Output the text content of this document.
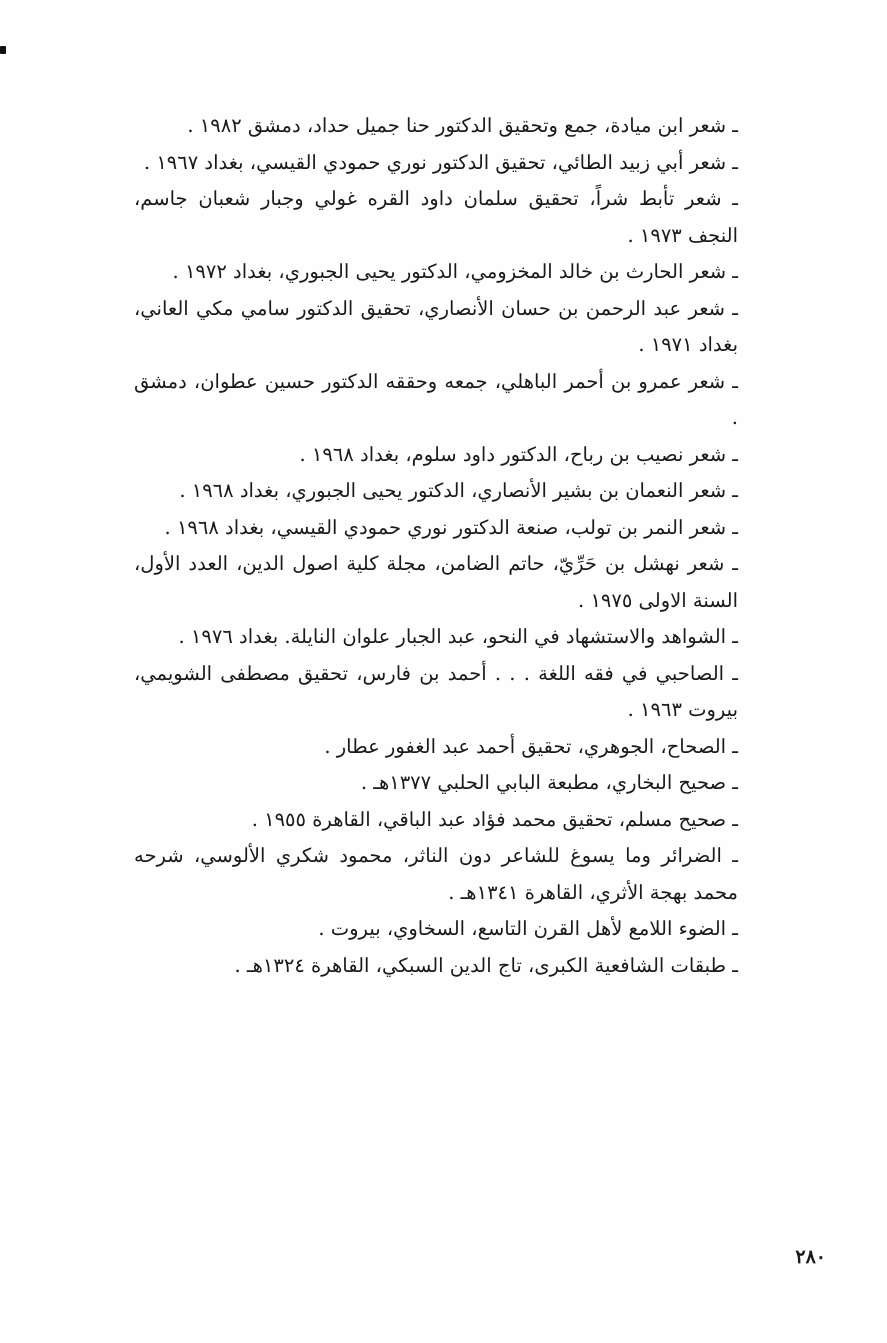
ـ شعر ابن ميادة، جمع وتحقيق الدكتور حنا جميل حداد، دمشق ١٩٨٢ .
ـ شعر أبي زبيد الطائي، تحقيق الدكتور نوري حمودي القيسي، بغداد ١٩٦٧ .
ـ شعر تأبط شراً، تحقيق سلمان داود القره غولي وجبار شعبان جاسم، النجف ١٩٧٣ .
ـ شعر الحارث بن خالد المخزومي، الدكتور يحيى الجبوري، بغداد ١٩٧٢ .
ـ شعر عبد الرحمن بن حسان الأنصاري، تحقيق الدكتور سامي مكي العاني، بغداد ١٩٧١ .
ـ شعر عمرو بن أحمر الباهلي، جمعه وحققه الدكتور حسين عطوان، دمشق .
ـ شعر نصيب بن رباح، الدكتور داود سلوم، بغداد ١٩٦٨ .
ـ شعر النعمان بن بشير الأنصاري، الدكتور يحيى الجبوري، بغداد ١٩٦٨ .
ـ شعر النمر بن تولب، صنعة الدكتور نوري حمودي القيسي، بغداد ١٩٦٨ .
ـ شعر نهشل بن حَرِّيّ، حاتم الضامن، مجلة كلية اصول الدين، العدد الأول، السنة الاولى ١٩٧٥ .
ـ الشواهد والاستشهاد في النحو، عبد الجبار علوان النايلة. بغداد ١٩٧٦ .
ـ الصاحبي في فقه اللغة . . . أحمد بن فارس، تحقيق مصطفى الشويمي، بيروت ١٩٦٣ .
ـ الصحاح، الجوهري، تحقيق أحمد عبد الغفور عطار .
ـ صحيح البخاري، مطبعة البابي الحلبي ١٣٧٧هـ .
ـ صحيح مسلم، تحقيق محمد فؤاد عبد الباقي، القاهرة ١٩٥٥ .
ـ الضرائر وما يسوغ للشاعر دون الناثر، محمود شكري الألوسي، شرحه محمد بهجة الأثري، القاهرة ١٣٤١هـ .
ـ الضوء اللامع لأهل القرن التاسع، السخاوي، بيروت .
ـ طبقات الشافعية الكبرى، تاج الدين السبكي، القاهرة ١٣٢٤هـ .
٢٨٠
